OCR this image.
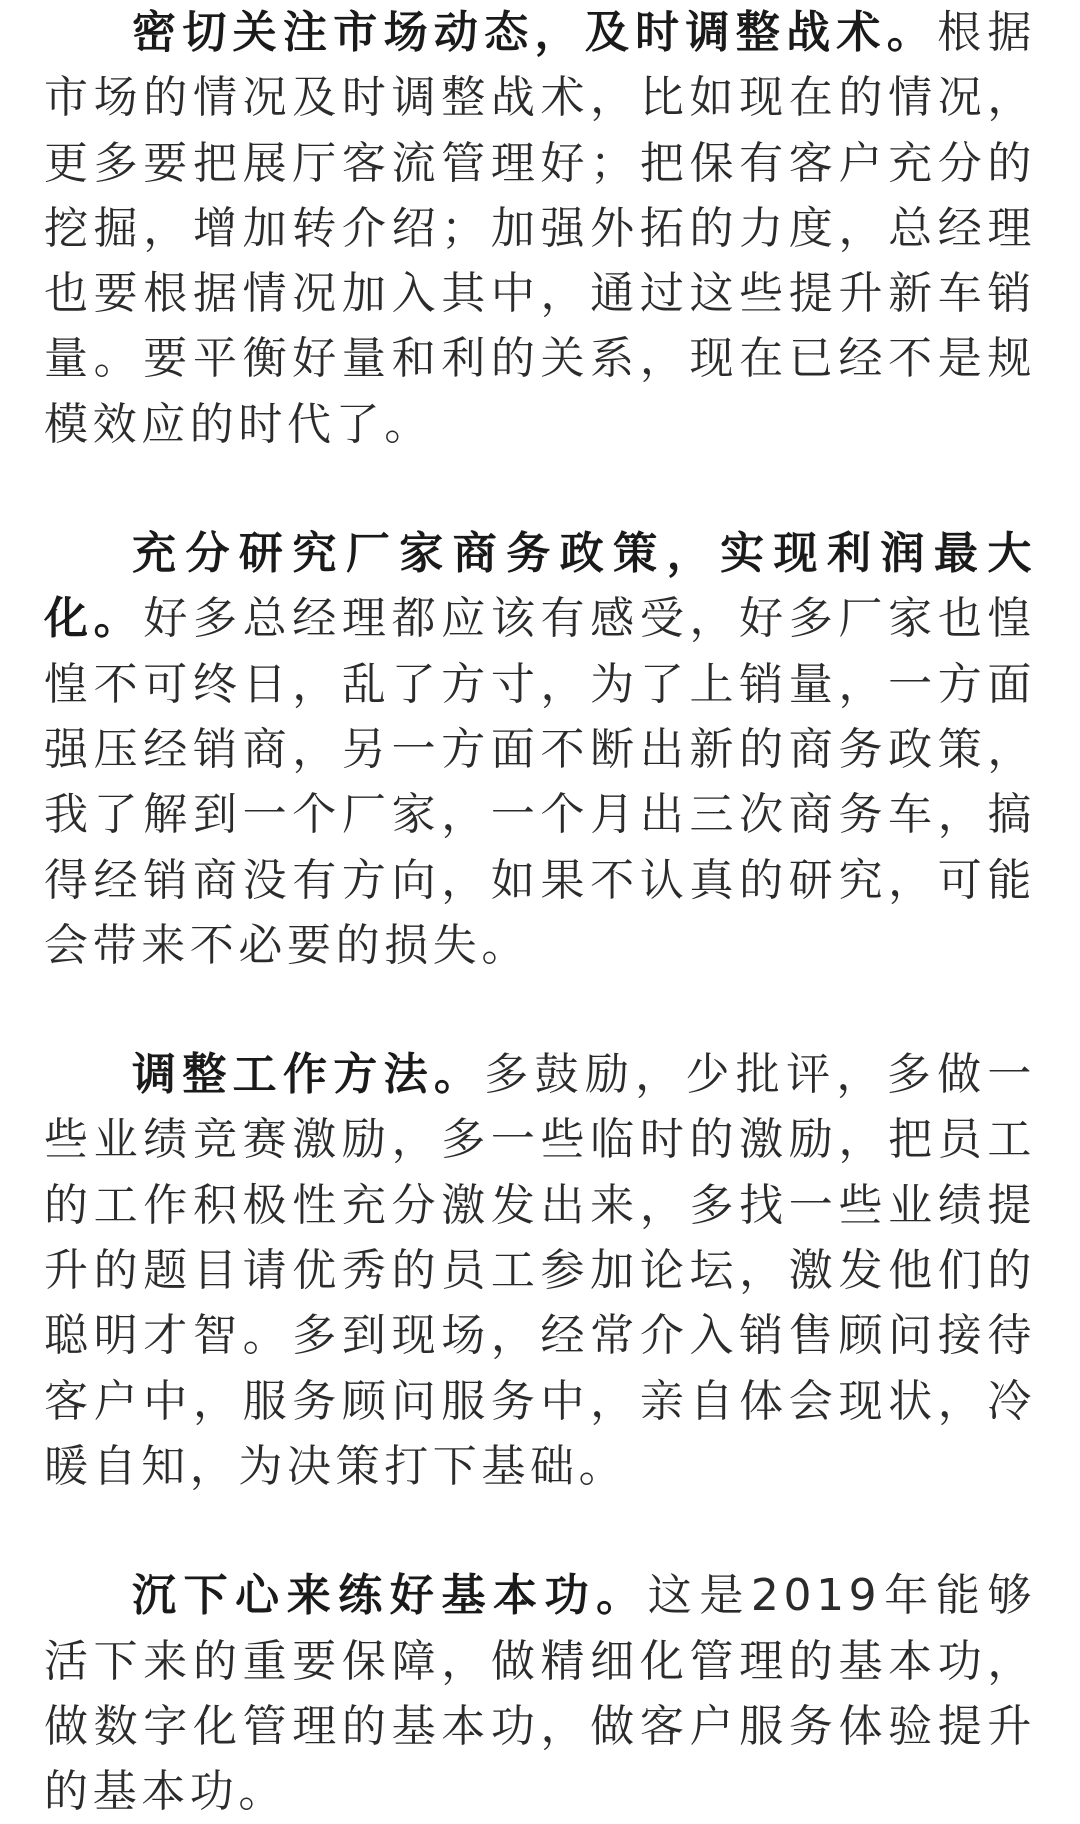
密切关注市场动态，及时调整战术。根据市场的情况及时调整战术，比如现在的情况，更多要把展厅客流管理好；把保有客户充分的挖掘，增加转介绍；加强外拓的力度，总经理也要根据情况加入其中，通过这些提升新车销量。要平衡好量和利的关系，现在已经不是规模效应的时代了。

充分研究厂家商务政策，实现利润最大化。好多总经理都应该有感受，好多厂家也惶惶不可终日，乱了方寸，为了上销量，一方面强压经销商，另一方面不断出新的商务政策，我了解到一个厂家，一个月出三次商务车，搞得经销商没有方向，如果不认真的研究，可能会带来不必要的损失。

调整工作方法。多鼓励，少批评，多做一些业绩竞赛激励，多一些临时的激励，把员工的工作积极性充分激发出来，多找一些业绩提升的题目请优秀的员工参加论坛，激发他们的聪明才智。多到现场，经常介入销售顾问接待客户中，服务顾问服务中，亲自体会现状，冷暖自知，为决策打下基础。

沉下心来练好基本功。这是2019年能够活下来的重要保障，做精细化管理的基本功，做数字化管理的基本功，做客户服务体验提升的基本功。
